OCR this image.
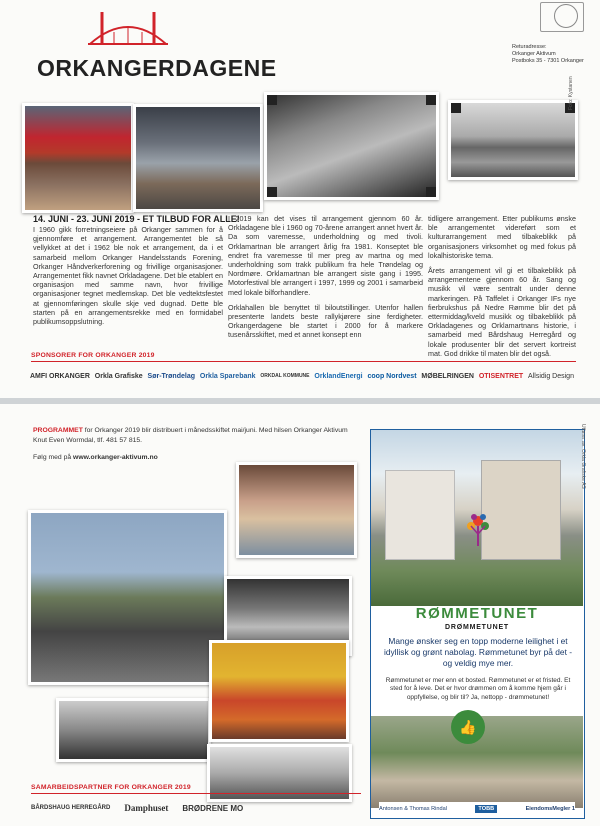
ORKANGERDAGENE
Returadresse:
Orkanger Aktivum
Postboks 35 - 7301 Orkanger
Foto: Kystanen
14. JUNI - 23. JUNI 2019 - ET TILBUD FOR ALLE!

I 1960 gikk forretningseiere på Orkanger sammen for å gjennomføre et arrangement. Arrangementet ble så vellykket at det i 1962 ble nok et arrangement, da i et samarbeid mellom Orkanger Handelsstands Forening, Orkanger Håndverkerforening og frivillige organisasjoner. Arrangementet fikk navnet Orkladagene. Det ble etablert en organisasjon med samme navn, hvor frivillige organisasjoner tegnet medlemskap. Det ble vedtektsfestet at gjennomføringen skulle skje ved dugnad. Dette ble starten på en arrangementsrekke med en formidabel publikumsoppslutning.

I 2019 kan det vises til arrangement gjennom 60 år. Orkladagene ble i 1960 og 70-årene arrangert annet hvert år. Da som varemesse, underholdning og med tivoli. Orklamartnan ble arrangert årlig fra 1981. Konseptet ble endret fra varemesse til mer preg av martna og med underholdning som trakk publikum fra hele Trøndelag og Nordmøre. Orklamartnan ble arrangert siste gang i 1995. Motorfestival ble arrangert i 1997, 1999 og 2001 i samarbeid med lokale bilforhandlere.

Orklahallen ble benyttet til biloutstillinger. Utenfor hallen presenterte landets beste rallykjørere sine ferdigheter. Orkangerdagene ble startet i 2000 for å markere tusenårsskiftet, med et annet konsept enn

tidligere arrangement. Etter publikums ønske ble arrangementet videreført som et kulturarrangement med tilbakeblikk på organisasjoners virksomhet og med fokus på lokalhistoriske tema.

Årets arrangement vil gi et tilbakeblikk på arrangementene gjennom 60 år. Sang og musikk vil være sentralt under denne markeringen. På Taffelet i Orkanger IFs nye fierbrukshus på Nedre Rømme blir det på ettermiddag/kveld musikk og tilbakeblikk på Orkladagenes og Orklamartnans historie, i samarbeid med Bårdshaug Herregård og lokale produsenter blir det servert kortreist mat. God drikke til maten blir det også.

SPONSORER FOR ORKANGER 2019
AMFI ORKANGER Orkla Grafiske Sør-Trøndelag Orkla Sparebank ORKDAL KOMMUNE OrklandEnergi coop Nordvest MØBELRINGEN OTISENTRET Allsidig Design
PROGRAMMET for Orkanger 2019 blir distribuert i månedsskiftet mai/juni. Med hilsen Orkanger Aktivum Knut Even Wormdal, tlf. 481 57 815.
Følg med på www.orkanger-aktivum.no
SAMARBEIDSPARTNER FOR ORKANGER 2019
BÅRDSHAUG HERREGÅRD Damphuset BRØDRENE MO
RØMMETUNET
DRØMMETUNET
Mange ønsker seg en topp moderne leilighet i et idyllisk og grønt nabolag. Rømmetunet byr på det - og veldig mye mer.
Rømmetunet er mer enn et bosted. Rømmetunet er et fristed. Et sted for å leve. Det er hvor drømmen om å komme hjem går i oppfyllelse, og blir til? Ja, nettopp - drømmetunet!
👍
Antonsen & Thomas Rindal	TOBB	EiendomsMegler 1
Utfører av: Orkla Grafiske AS
